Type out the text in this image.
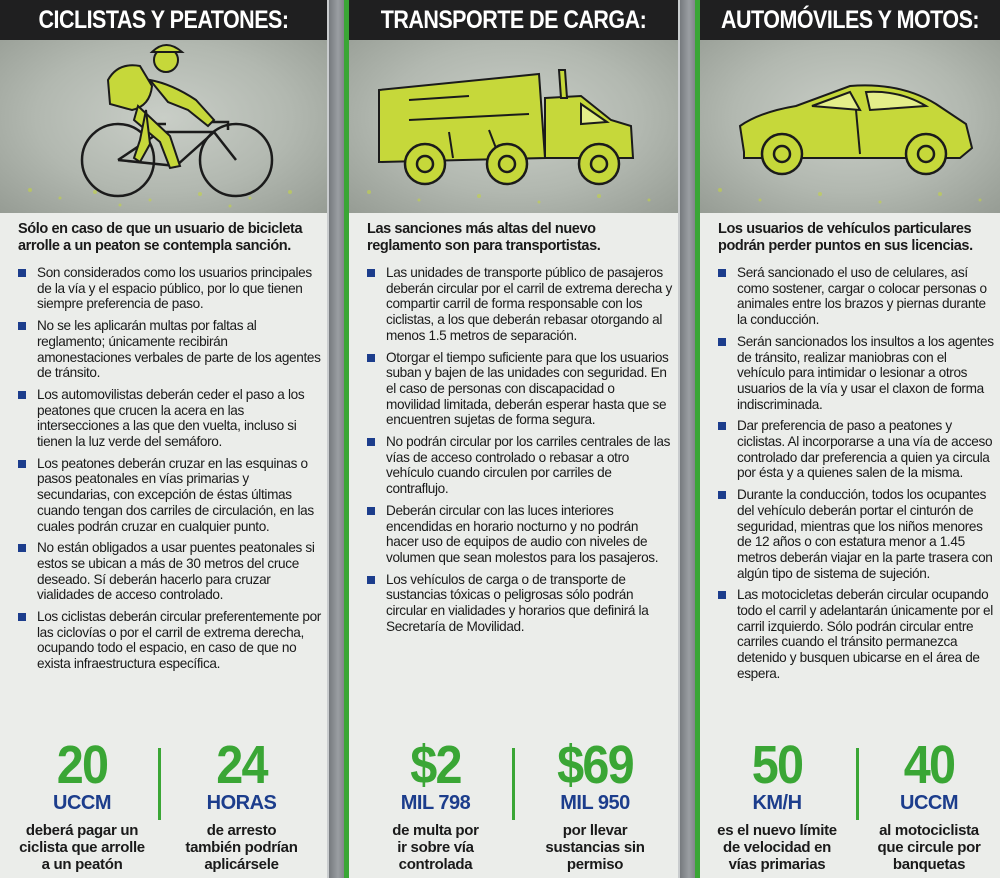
CICLISTAS Y PEATONES:

Sólo en caso de que un usuario de bicicleta arrolle a un peaton se contempla sanción.

Son considerados como los usuarios principales de la vía y el espacio público, por lo que tienen siempre preferencia de paso.
No se les aplicarán multas por faltas al reglamento; únicamente recibirán amonestaciones verbales de parte de los agentes de tránsito.
Los automovilistas deberán ceder el paso a los peatones que crucen la acera en las intersecciones a las que den vuelta, incluso si tienen la luz verde del semáforo.
Los peatones deberán cruzar en las esquinas o pasos peatonales en vías primarias y secundarias, con excepción de éstas últimas cuando tengan dos carriles de circulación, en las cuales podrán cruzar en cualquier punto.
No están obligados a usar puentes peatonales si estos se ubican a más de 30 metros del cruce deseado. Sí deberán hacerlo para cruzar vialidades de acceso controlado.
Los ciclistas deberán circular preferentemente por las ciclovías o por el carril de extrema derecha, ocupando todo el espacio, en caso de que no exista infraestructura específica.
20
UCCM
deberá pagar un
ciclista que arrolle
a un peatón
24
HORAS
de arresto
también podrían
aplicársele
TRANSPORTE DE CARGA:

Las sanciones más altas del nuevo reglamento son para transportistas.

Las unidades de transporte público de pasajeros deberán circular por el carril de extrema derecha y compartir carril de forma responsable con los ciclistas, a los que deberán rebasar otorgando al menos 1.5 metros de separación.
Otorgar el tiempo suficiente para que los usuarios suban y bajen de las unidades con seguridad. En el caso de personas con discapacidad o movilidad limitada, deberán esperar hasta que se encuentren sujetas de forma segura.
No podrán circular por los carriles centrales de las vías de acceso controlado o rebasar a otro vehículo cuando circulen por carriles de contraflujo.
Deberán circular con las luces interiores encendidas en horario nocturno y no podrán hacer uso de equipos de audio con niveles de volumen que sean molestos para los pasajeros.
Los vehículos de carga o de transporte de sustancias tóxicas o peligrosas sólo podrán circular en vialidades y horarios que definirá la Secretaría de Movilidad.
$2
MIL 798
de multa por
ir sobre vía
controlada
$69
MIL 950
por llevar
sustancias sin
permiso
AUTOMÓVILES Y MOTOS:

Los usuarios de vehículos particulares podrán perder puntos en sus licencias.

Será sancionado el uso de celulares, así como sostener, cargar o colocar personas o animales entre los brazos y piernas durante la conducción.
Serán sancionados los insultos a los agentes de tránsito, realizar maniobras con el vehículo para intimidar o lesionar a otros usuarios de la vía y usar el claxon de forma indiscriminada.
Dar preferencia de paso a peatones y ciclistas. Al incorporarse a una vía de acceso controlado dar preferencia a quien ya circula por ésta y a quienes salen de la misma.
Durante la conducción, todos los ocupantes del vehículo deberán portar el cinturón de seguridad, mientras que los niños menores de 12 años o con estatura menor a 1.45 metros deberán viajar en la parte trasera con algún tipo de sistema de sujeción.
Las motocicletas deberán circular ocupando todo el carril y adelantarán únicamente por el carril izquierdo. Sólo podrán circular entre carriles cuando el tránsito permanezca detenido y busquen ubicarse en el área de espera.
50
KM/H
es el nuevo límite
de velocidad en
vías primarias
40
UCCM
al motociclista
que circule por
banquetas
